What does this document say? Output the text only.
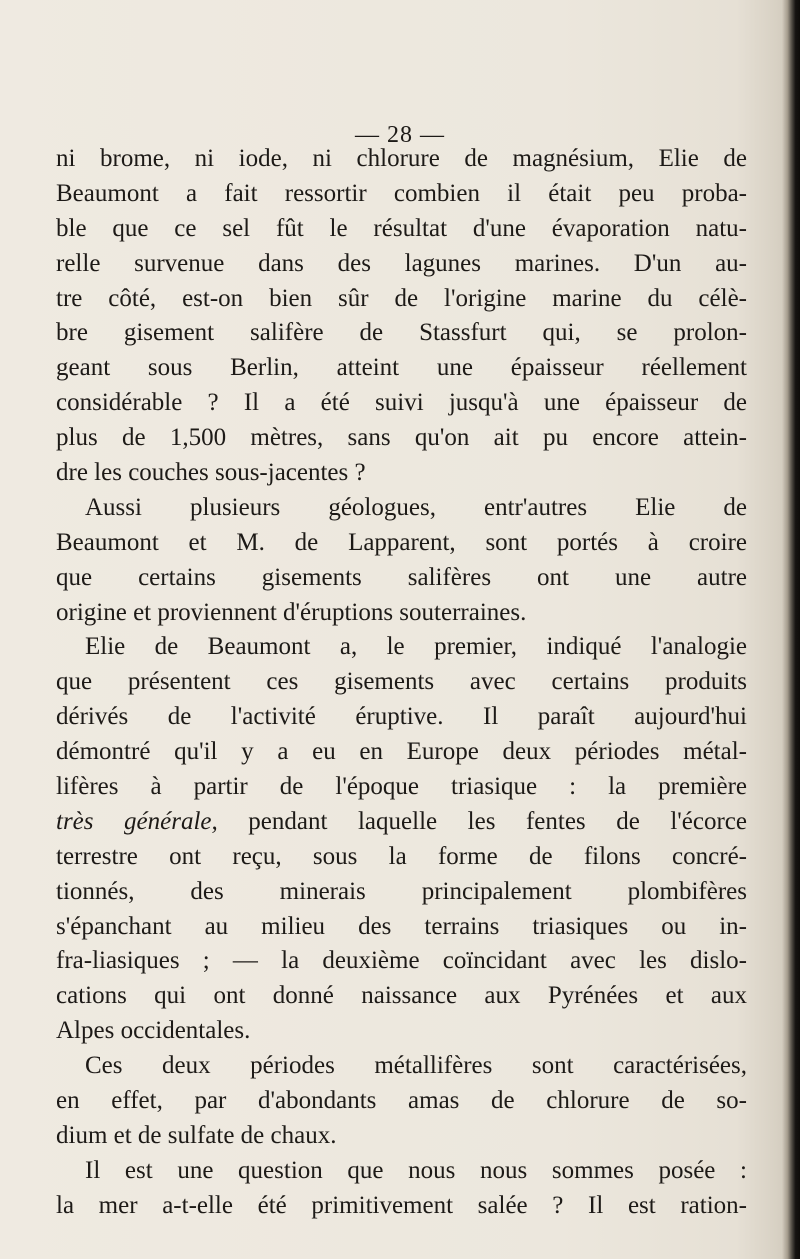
— 28 —
ni brome, ni iode, ni chlorure de magnésium, Elie de
Beaumont a fait ressortir combien il était peu proba-
ble que ce sel fût le résultat d'une évaporation natu-
relle survenue dans des lagunes marines. D'un au-
tre côté, est-on bien sûr de l'origine marine du célè-
bre gisement salifère de Stassfurt qui, se prolon-
geant sous Berlin, atteint une épaisseur réellement
considérable ? Il a été suivi jusqu'à une épaisseur de
plus de 1,500 mètres, sans qu'on ait pu encore attein-
dre les couches sous-jacentes ?
Aussi plusieurs géologues, entr'autres Elie de
Beaumont et M. de Lapparent, sont portés à croire
que certains gisements salifères ont une autre
origine et proviennent d'éruptions souterraines.
Elie de Beaumont a, le premier, indiqué l'analogie
que présentent ces gisements avec certains produits
dérivés de l'activité éruptive. Il paraît aujourd'hui
démontré qu'il y a eu en Europe deux périodes métal-
lifères à partir de l'époque triasique : la première
très générale, pendant laquelle les fentes de l'écorce
terrestre ont reçu, sous la forme de filons concré-
tionnés, des minerais principalement plombifères
s'épanchant au milieu des terrains triasiques ou in-
fra-liasiques ; — la deuxième coïncidant avec les dislo-
cations qui ont donné naissance aux Pyrénées et aux
Alpes occidentales.
Ces deux périodes métallifères sont caractérisées,
en effet, par d'abondants amas de chlorure de so-
dium et de sulfate de chaux.
Il est une question que nous nous sommes posée :
la mer a-t-elle été primitivement salée ? Il est ration-
